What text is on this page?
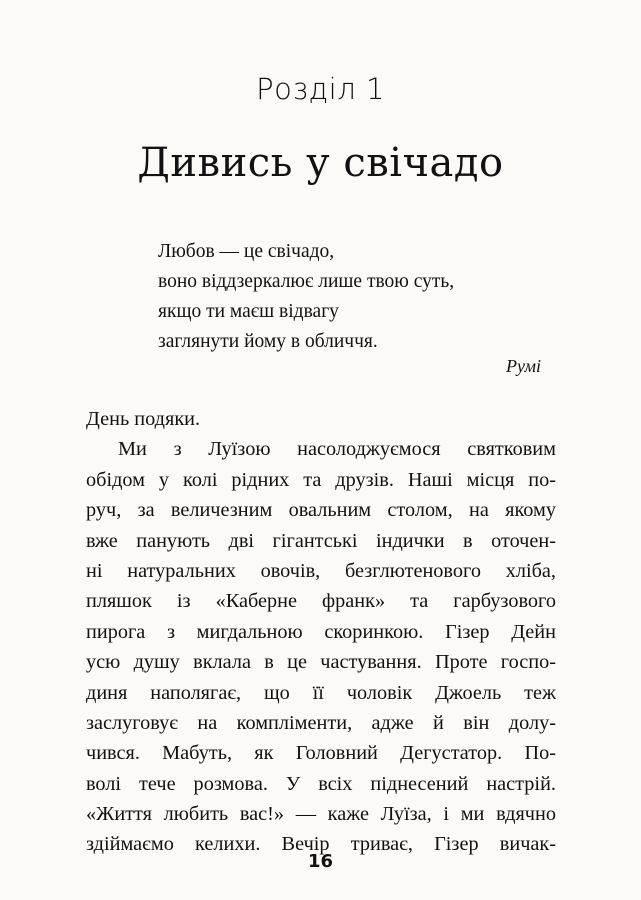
Розділ 1
Дивись у свічадо
Любов — це свічадо,
воно віддзеркалює лише твою суть,
якщо ти маєш відвагу
заглянути йому в обличчя.
Румі
День подяки.
Ми з Луїзою насолоджуємося святковим
обідом у колі рідних та друзів. Наші місця по-
руч, за величезним овальним столом, на якому
вже панують дві гігантські індички в оточен-
ні натуральних овочів, безглютенового хліба,
пляшок із «Каберне франк» та гарбузового
пирога з мигдальною скоринкою. Гізер Дейн
усю душу вклала в це частування. Проте госпо-
диня наполягає, що її чоловік Джоель теж
заслуговує на компліменти, адже й він долу-
чився. Мабуть, як Головний Дегустатор. По-
волі тече розмова. У всіх піднесений настрій.
«Життя любить вас!» — каже Луїза, і ми вдячно
здіймаємо келихи. Вечір триває, Гізер вичак-
16
